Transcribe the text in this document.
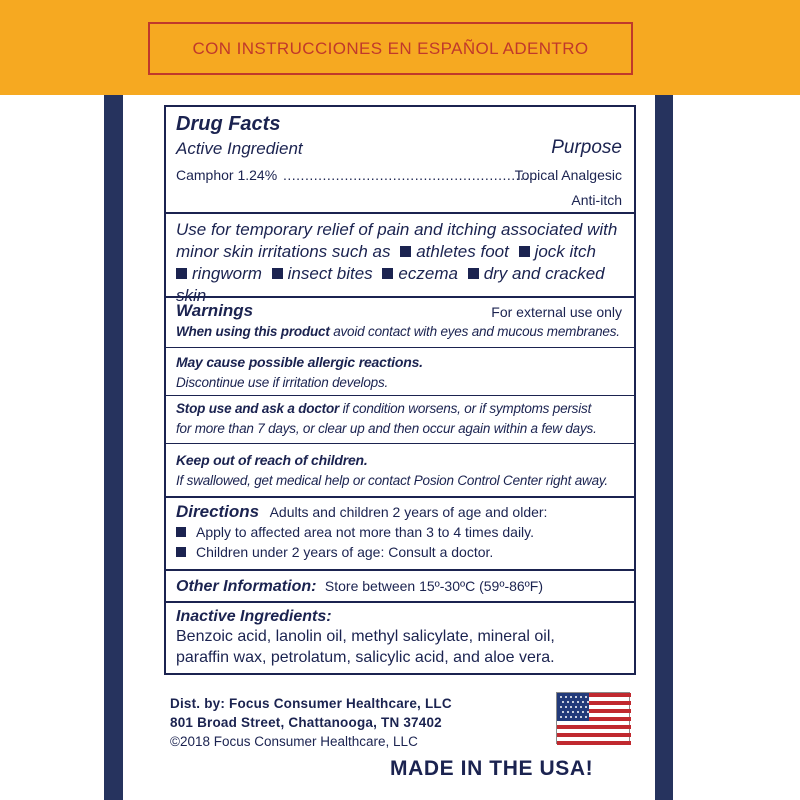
CON INSTRUCCIONES EN ESPAÑOL ADENTRO
Drug Facts
Active Ingredient	Purpose
Camphor 1.24% ..........................................................
Topical Analgesic
Anti-itch
Use for temporary relief of pain and itching associated with
minor skin irritations such as athletes foot jock itch
ringworm insect bites eczema dry and cracked skin
Warnings	For external use only
When using this product avoid contact with eyes and mucous membranes.
May cause possible allergic reactions.
Discontinue use if irritation develops.
Stop use and ask a doctor if condition worsens, or if symptoms persist
for more than 7 days, or clear up and then occur again within a few days.
Keep out of reach of children.
If swallowed, get medical help or contact Posion Control Center right away.
Directions Adults and children 2 years of age and older:
Apply to affected area not more than 3 to 4 times daily.
Children under 2 years of age: Consult a doctor.
Other Information: Store between 15º-30ºC (59º-86ºF)
Inactive Ingredients:
Benzoic acid, lanolin oil, methyl salicylate, mineral oil,
paraffin wax, petrolatum, salicylic acid, and aloe vera.
Dist. by: Focus Consumer Healthcare, LLC
801 Broad Street, Chattanooga, TN 37402
©2018 Focus Consumer Healthcare, LLC
MADE IN THE USA!
